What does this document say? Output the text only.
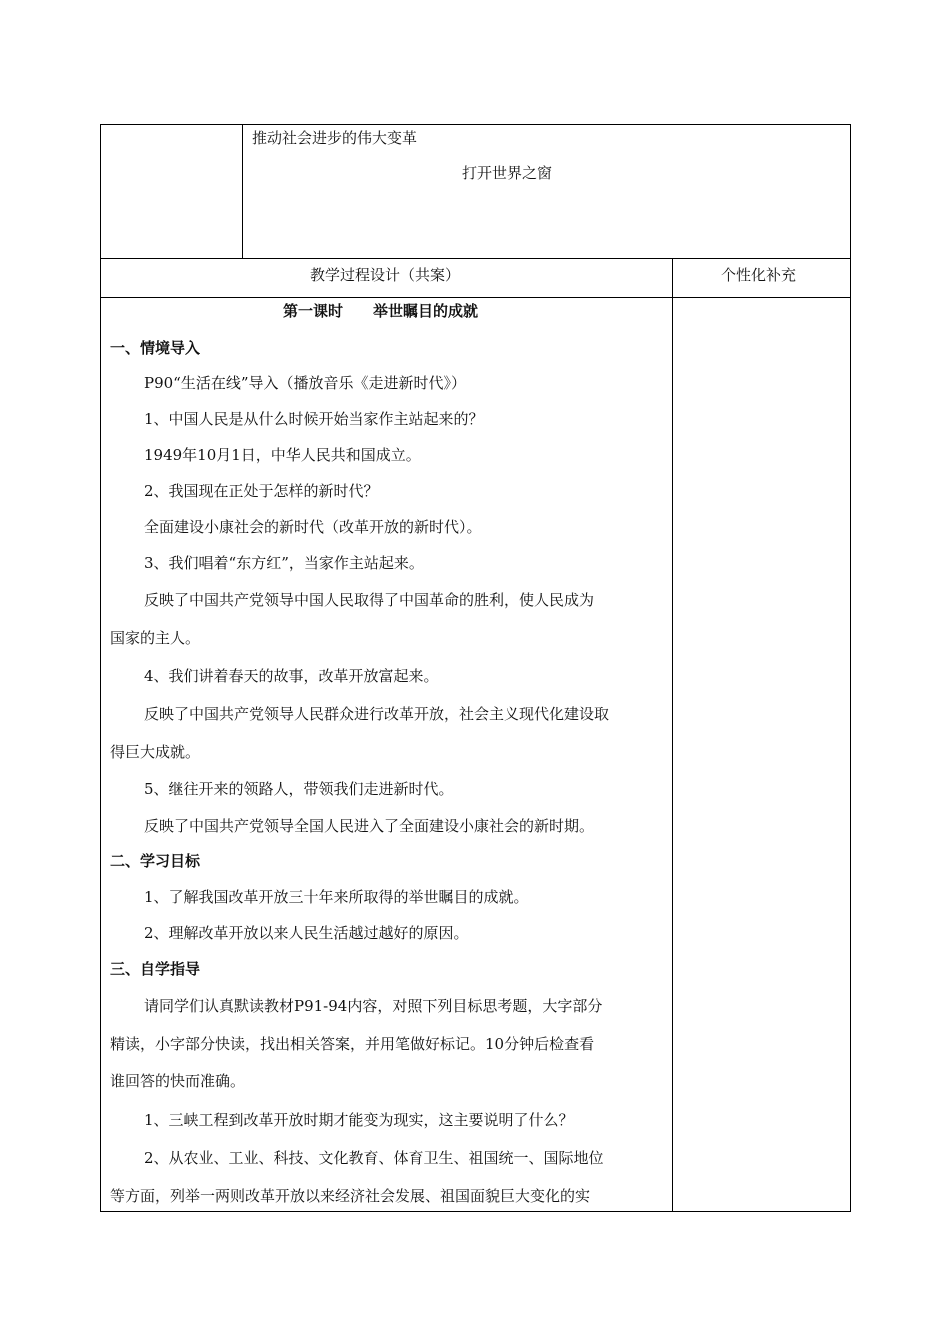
推动社会进步的伟大变革
打开世界之窗
教学过程设计（共案）	个性化补充
第一课时　　举世瞩目的成就
一、情境导入
P90“生活在线”导入（播放音乐《走进新时代》）
1、中国人民是从什么时候开始当家作主站起来的？
1949年10月1日，中华人民共和国成立。
2、我国现在正处于怎样的新时代？
全面建设小康社会的新时代（改革开放的新时代）。
3、我们唱着“东方红”，当家作主站起来。
反映了中国共产党领导中国人民取得了中国革命的胜利，使人民成为
国家的主人。
4、我们讲着春天的故事，改革开放富起来。
反映了中国共产党领导人民群众进行改革开放，社会主义现代化建设取
得巨大成就。
5、继往开来的领路人，带领我们走进新时代。
反映了中国共产党领导全国人民进入了全面建设小康社会的新时期。
二、学习目标
1、了解我国改革开放三十年来所取得的举世瞩目的成就。
2、理解改革开放以来人民生活越过越好的原因。
三、自学指导
请同学们认真默读教材P91-94内容，对照下列目标思考题，大字部分
精读，小字部分快读，找出相关答案，并用笔做好标记。10分钟后检查看
谁回答的快而准确。
1、三峡工程到改革开放时期才能变为现实，这主要说明了什么？
2、从农业、工业、科技、文化教育、体育卫生、祖国统一、国际地位
等方面，列举一两则改革开放以来经济社会发展、祖国面貌巨大变化的实
